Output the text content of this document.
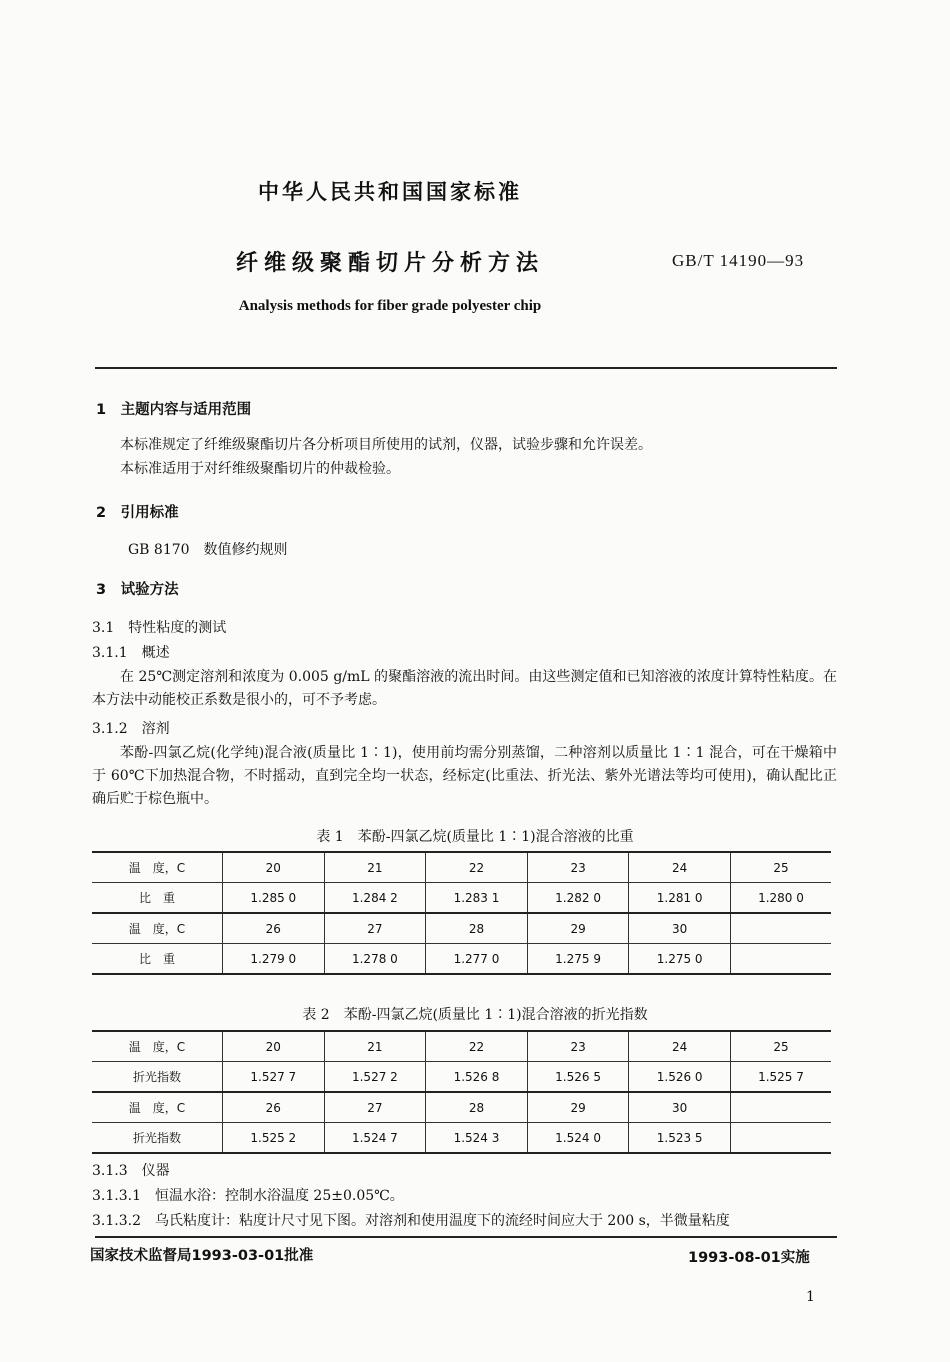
中华人民共和国国家标准
纤维级聚酯切片分析方法	GB/T 14190—93
Analysis methods for fiber grade polyester chip
1　主题内容与适用范围
本标准规定了纤维级聚酯切片各分析项目所使用的试剂，仪器，试验步骤和允许误差。
本标准适用于对纤维级聚酯切片的仲裁检验。
2　引用标准
GB 8170　数值修约规则
3　试验方法
3.1　特性粘度的测试
3.1.1　概述
在 25℃测定溶剂和浓度为 0.005 g/mL 的聚酯溶液的流出时间。由这些测定值和已知溶液的浓度计算特性粘度。在本方法中动能校正系数是很小的，可不予考虑。
3.1.2　溶剂
苯酚-四氯乙烷(化学纯)混合液(质量比 1∶1)，使用前均需分别蒸馏，二种溶剂以质量比 1∶1 混合，可在干燥箱中于 60℃下加热混合物，不时摇动，直到完全均一状态，经标定(比重法、折光法、紫外光谱法等均可使用)，确认配比正确后贮于棕色瓶中。
表 1　苯酚-四氯乙烷(质量比 1∶1)混合溶液的比重
温　度，C	20	21	22	23	24	25
比　重	1.285 0	1.284 2	1.283 1	1.282 0	1.281 0	1.280 0
温　度，C	26	27	28	29	30	
比　重	1.279 0	1.278 0	1.277 0	1.275 9	1.275 0	
表 2　苯酚-四氯乙烷(质量比 1∶1)混合溶液的折光指数
温　度，C	20	21	22	23	24	25
折光指数	1.527 7	1.527 2	1.526 8	1.526 5	1.526 0	1.525 7
温　度，C	26	27	28	29	30	
折光指数	1.525 2	1.524 7	1.524 3	1.524 0	1.523 5	
3.1.3　仪器
3.1.3.1　恒温水浴：控制水浴温度 25±0.05℃。
3.1.3.2　乌氏粘度计：粘度计尺寸见下图。对溶剂和使用温度下的流经时间应大于 200 s，半微量粘度
国家技术监督局1993-03-01批准	1993-08-01实施
1
